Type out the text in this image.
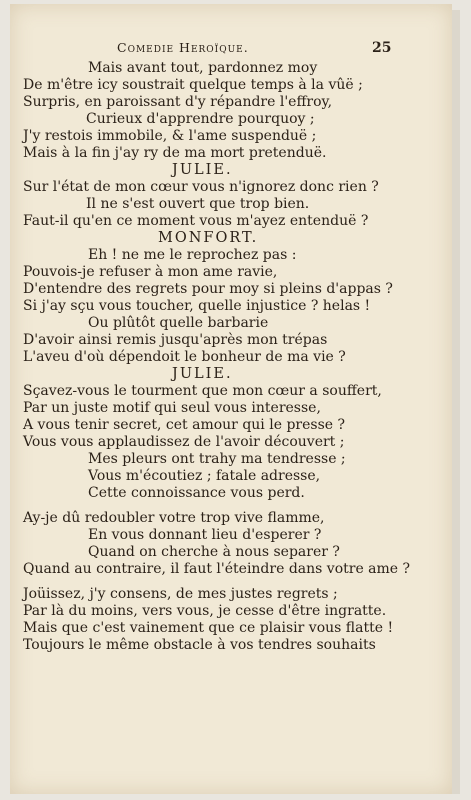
Comedie Heroïque.	25
Mais avant tout, pardonnez moy
De m'être icy soustrait quelque temps à la vûë ;
Surpris, en paroissant d'y répandre l'effroy,
Curieux d'apprendre pourquoy ;
J'y restois immobile, & l'ame suspenduë ;
Mais à la fin j'ay ry de ma mort pretenduë.
JULIE.
Sur l'état de mon cœur vous n'ignorez donc rien ?
Il ne s'est ouvert que trop bien.
Faut-il qu'en ce moment vous m'ayez entenduë ?
MONFORT.
Eh ! ne me le reprochez pas :
Pouvois-je refuser à mon ame ravie,
D'entendre des regrets pour moy si pleins d'appas ?
Si j'ay sçu vous toucher, quelle injustice ? helas !
Ou plûtôt quelle barbarie
D'avoir ainsi remis jusqu'après mon trépas
L'aveu d'où dépendoit le bonheur de ma vie ?
JULIE.
Sçavez-vous le tourment que mon cœur a souffert,
Par un juste motif qui seul vous interesse,
A vous tenir secret, cet amour qui le presse ?
Vous vous applaudissez de l'avoir découvert ;
Mes pleurs ont trahy ma tendresse ;
Vous m'écoutiez ; fatale adresse,
Cette connoissance vous perd.
Ay-je dû redoubler votre trop vive flamme,
En vous donnant lieu d'esperer ?
Quand on cherche à nous separer ?
Quand au contraire, il faut l'éteindre dans votre ame ?
Joüissez, j'y consens, de mes justes regrets ;
Par là du moins, vers vous, je cesse d'être ingratte.
Mais que c'est vainement que ce plaisir vous flatte !
Toujours le même obstacle à vos tendres souhaits
